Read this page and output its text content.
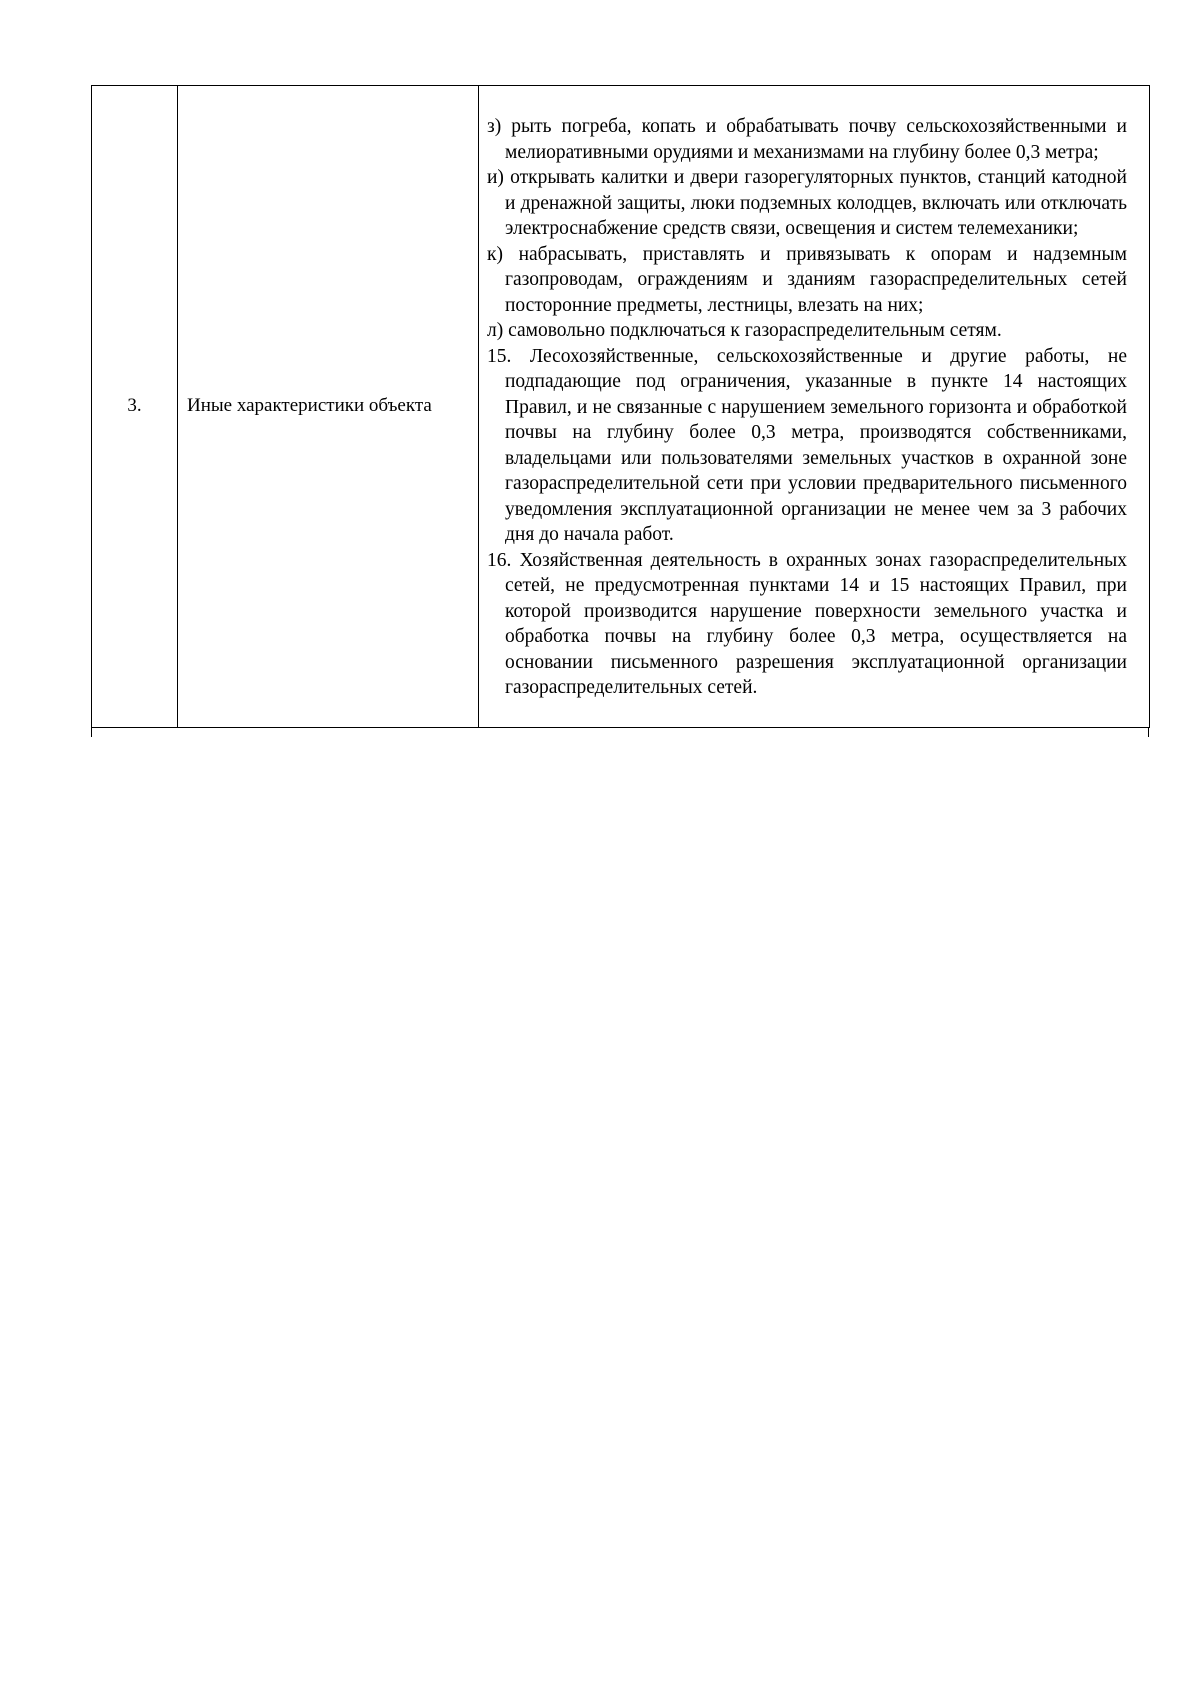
3.	Иные характеристики объекта	

з) рыть погреба, копать и обрабатывать почву сельскохозяйственными и мелиоративными орудиями и механизмами на глубину более 0,3 метра;

и) открывать калитки и двери газорегуляторных пунктов, станций катодной и дренажной защиты, люки подземных колодцев, включать или отключать электроснабжение средств связи, освещения и систем телемеханики;

к) набрасывать, приставлять и привязывать к опорам и надземным газопроводам, ограждениям и зданиям газораспределительных сетей посторонние предметы, лестницы, влезать на них;

л) самовольно подключаться к газораспределительным сетям.

15. Лесохозяйственные, сельскохозяйственные и другие работы, не подпадающие под ограничения, указанные в пункте 14 настоящих Правил, и не связанные с нарушением земельного горизонта и обработкой почвы на глубину более 0,3 метра, производятся собственниками, владельцами или пользователями земельных участков в охранной зоне газораспределительной сети при условии предварительного письменного уведомления эксплуатационной организации не менее чем за 3 рабочих дня до начала работ.

16. Хозяйственная деятельность в охранных зонах газораспределительных сетей, не предусмотренная пунктами 14 и 15 настоящих Правил, при которой производится нарушение поверхности земельного участка и обработка почвы на глубину более 0,3 метра, осуществляется на основании письменного разрешения эксплуатационной организации газораспределительных сетей.
